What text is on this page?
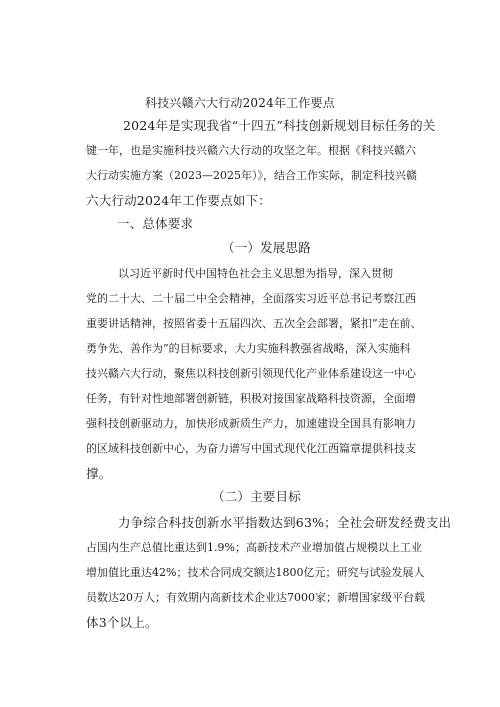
科技兴赣六大行动2024年工作要点
2024年是实现我省“十四五”科技创新规划目标任务的关
键一年，也是实施科技兴赣六大行动的攻坚之年。根据《科技兴赣六
大行动实施方案（2023—2025年）》，结合工作实际，制定科技兴赣
六大行动2024年工作要点如下：
一、总体要求
（一）发展思路
以习近平新时代中国特色社会主义思想为指导，深入贯彻
党的二十大、二十届二中全会精神，全面落实习近平总书记考察江西
重要讲话精神，按照省委十五届四次、五次全会部署，紧扣”走在前、
勇争先、善作为”的目标要求，大力实施科教强省战略，深入实施科
技兴赣六大行动，聚焦以科技创新引领现代化产业体系建设这一中心
任务，有针对性地部署创新链，积极对接国家战略科技资源，全面增
强科技创新驱动力，加快形成新质生产力，加速建设全国具有影响力
的区域科技创新中心，为奋力谱写中国式现代化江西篇章提供科技支
撑。
（二）主要目标
力争综合科技创新水平指数达到63%；全社会研发经费支出
占国内生产总值比重达到1.9%；高新技术产业增加值占规模以上工业
增加值比重达42%；技术合同成交额达1800亿元；研究与试验发展人
员数达20万人；有效期内高新技术企业达7000家；新增国家级平台载
体3个以上。
